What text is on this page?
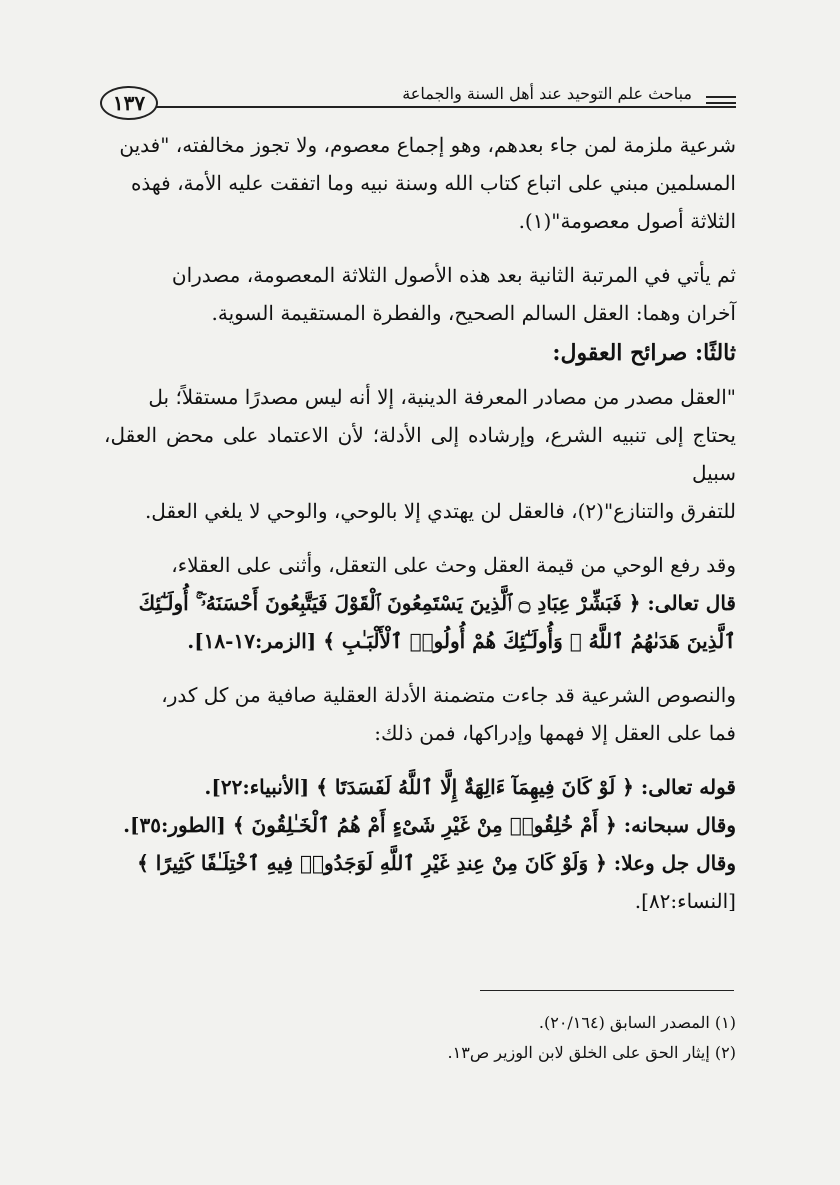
١٣٧	مباحث علم التوحيد عند أهل السنة والجماعة

شرعية ملزمة لمن جاء بعدهم، وهو إجماع معصوم، ولا تجوز مخالفته، "فدين

المسلمين مبني على اتباع كتاب الله وسنة نبيه وما اتفقت عليه الأمة، فهذه

الثلاثة أصول معصومة"(١).

ثم يأتي في المرتبة الثانية بعد هذه الأصول الثلاثة المعصومة، مصدران

آخران وهما: العقل السالم الصحيح، والفطرة المستقيمة السوية.

ثالثًا: صرائح العقول:

"العقل مصدر من مصادر المعرفة الدينية، إلا أنه ليس مصدرًا مستقلاً؛ بل

يحتاج إلى تنبيه الشرع، وإرشاده إلى الأدلة؛ لأن الاعتماد على محض العقل، سبيل

للتفرق والتنازع"(٢)، فالعقل لن يهتدي إلا بالوحي، والوحي لا يلغي العقل.

وقد رفع الوحي من قيمة العقل وحث على التعقل، وأثنى على العقلاء،

قال تعالى: ﴿ فَبَشِّرْ عِبَادِ ۝ ٱلَّذِينَ يَسْتَمِعُونَ ٱلْقَوْلَ فَيَتَّبِعُونَ أَحْسَنَهُۥٓ ۚ أُولَـٰٓئِكَ

ٱلَّذِينَ هَدَىٰهُمُ ٱللَّهُ ۖ وَأُولَـٰٓئِكَ هُمْ أُولُوا۟ ٱلْأَلْبَـٰبِ ﴾ [الزمر:١٧-١٨].

والنصوص الشرعية قد جاءت متضمنة الأدلة العقلية صافية من كل كدر،

فما على العقل إلا فهمها وإدراكها، فمن ذلك:

قوله تعالى: ﴿ لَوْ كَانَ فِيهِمَآ ءَالِهَةٌ إِلَّا ٱللَّهُ لَفَسَدَتَا ﴾ [الأنبياء:٢٢].

وقال سبحانه: ﴿ أَمْ خُلِقُوا۟ مِنْ غَيْرِ شَىْءٍ أَمْ هُمُ ٱلْخَـٰلِقُونَ ﴾ [الطور:٣٥].

وقال جل وعلا: ﴿ وَلَوْ كَانَ مِنْ عِندِ غَيْرِ ٱللَّهِ لَوَجَدُوا۟ فِيهِ ٱخْتِلَـٰفًا كَثِيرًا ﴾

[النساء:٨٢].

(١) المصدر السابق (٢٠/١٦٤).

(٢) إيثار الحق على الخلق لابن الوزير ص١٣.
